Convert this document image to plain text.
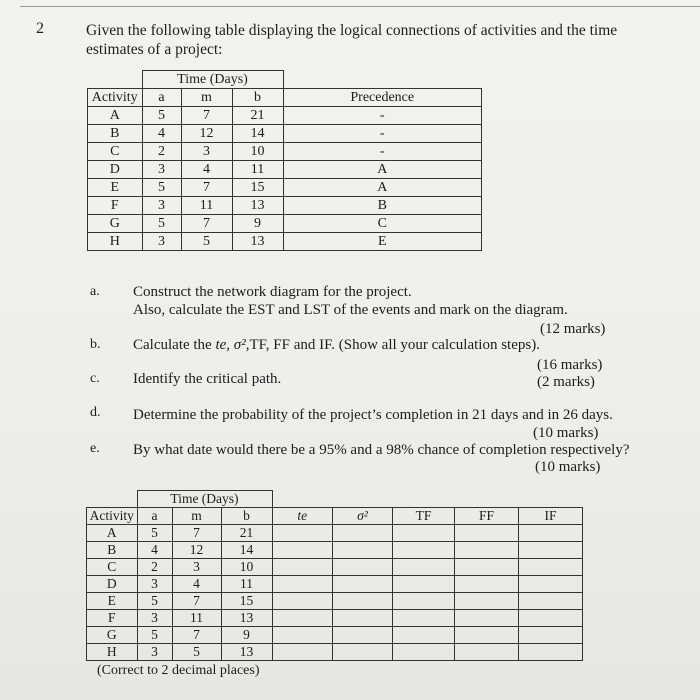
2	Given the following table displaying the logical connections of activities and the time estimates of a project:
	Time (Days)			
Activity	a	m	b	Precedence
A	5	7	21	-
B	4	12	14	-
C	2	3	10	-
D	3	4	11	A
E	5	7	15	A
F	3	11	13	B
G	5	7	9	C
H	3	5	13	E
a. Construct the network diagram for the project.
Also, calculate the EST and LST of the events and mark on the diagram.
(12 marks)
b. Calculate the te, σ²,TF, FF and IF. (Show all your calculation steps).
(16 marks)
c. Identify the critical path.	(2 marks)
d. Determine the probability of the project’s completion in 21 days and in 26 days.
(10 marks)
e. By what date would there be a 95% and a 98% chance of completion respectively?
(10 marks)
	Time (Days)							
Activity	a	m	b	te	σ²	TF	FF	IF
A	5	7	21					
B	4	12	14					
C	2	3	10					
D	3	4	11					
E	5	7	15					
F	3	11	13					
G	5	7	9					
H	3	5	13					
(Correct to 2 decimal places)
